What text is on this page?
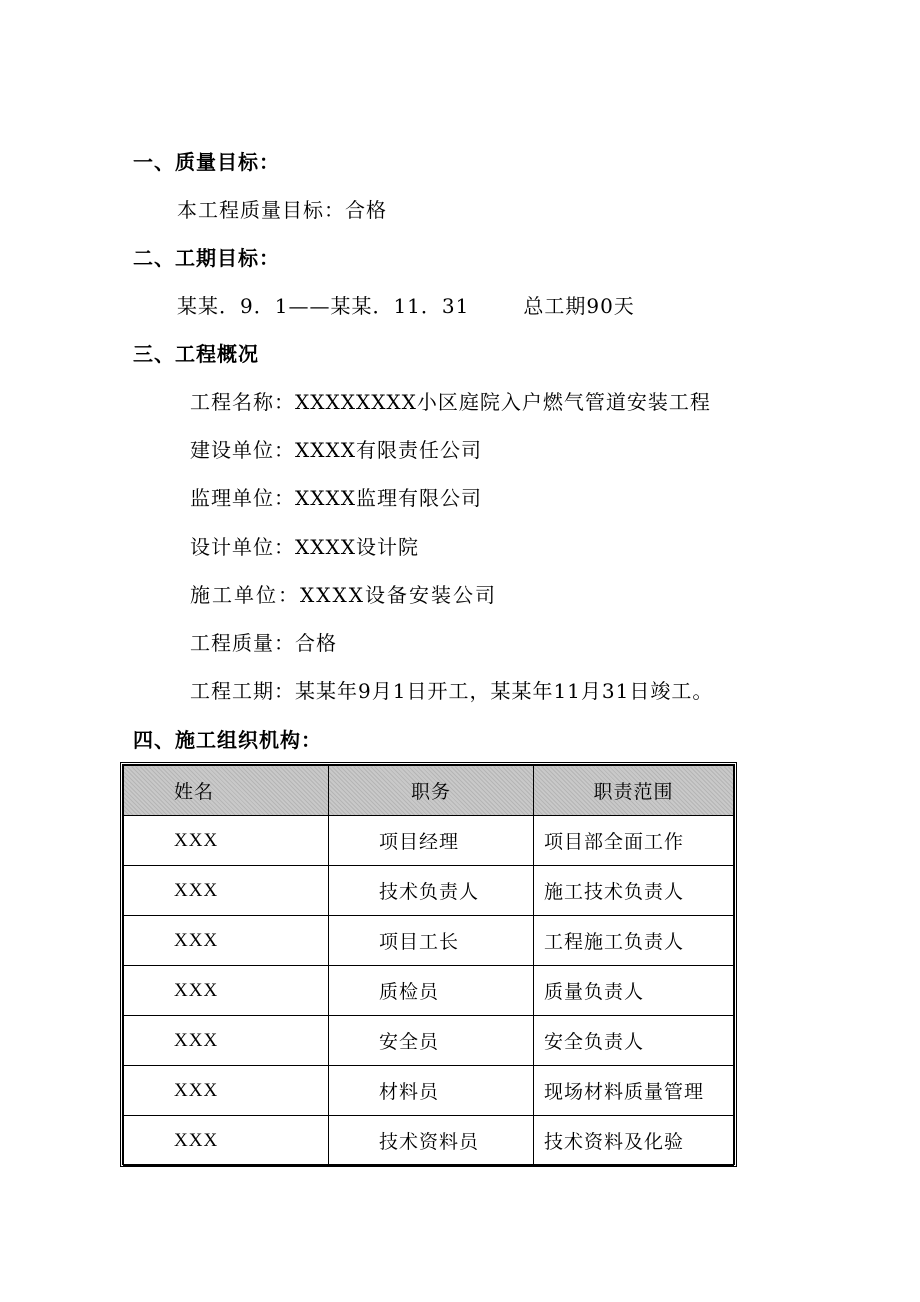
一、质量目标：
本工程质量目标：合格
二、工期目标：
某某．9．1——某某．11．31	总工期90天
三、工程概况
工程名称：XXXXXXXX小区庭院入户燃气管道安装工程
建设单位：XXXX有限责任公司
监理单位：XXXX监理有限公司
设计单位：XXXX设计院
施工单位：XXXX设备安装公司
工程质量：合格
工程工期：某某年9月1日开工，某某年11月31日竣工。
四、施工组织机构：
姓名	职务	职责范围
XXX	项目经理	项目部全面工作
XXX	技术负责人	施工技术负责人
XXX	项目工长	工程施工负责人
XXX	质检员	质量负责人
XXX	安全员	安全负责人
XXX	材料员	现场材料质量管理
XXX	技术资料员	技术资料及化验
